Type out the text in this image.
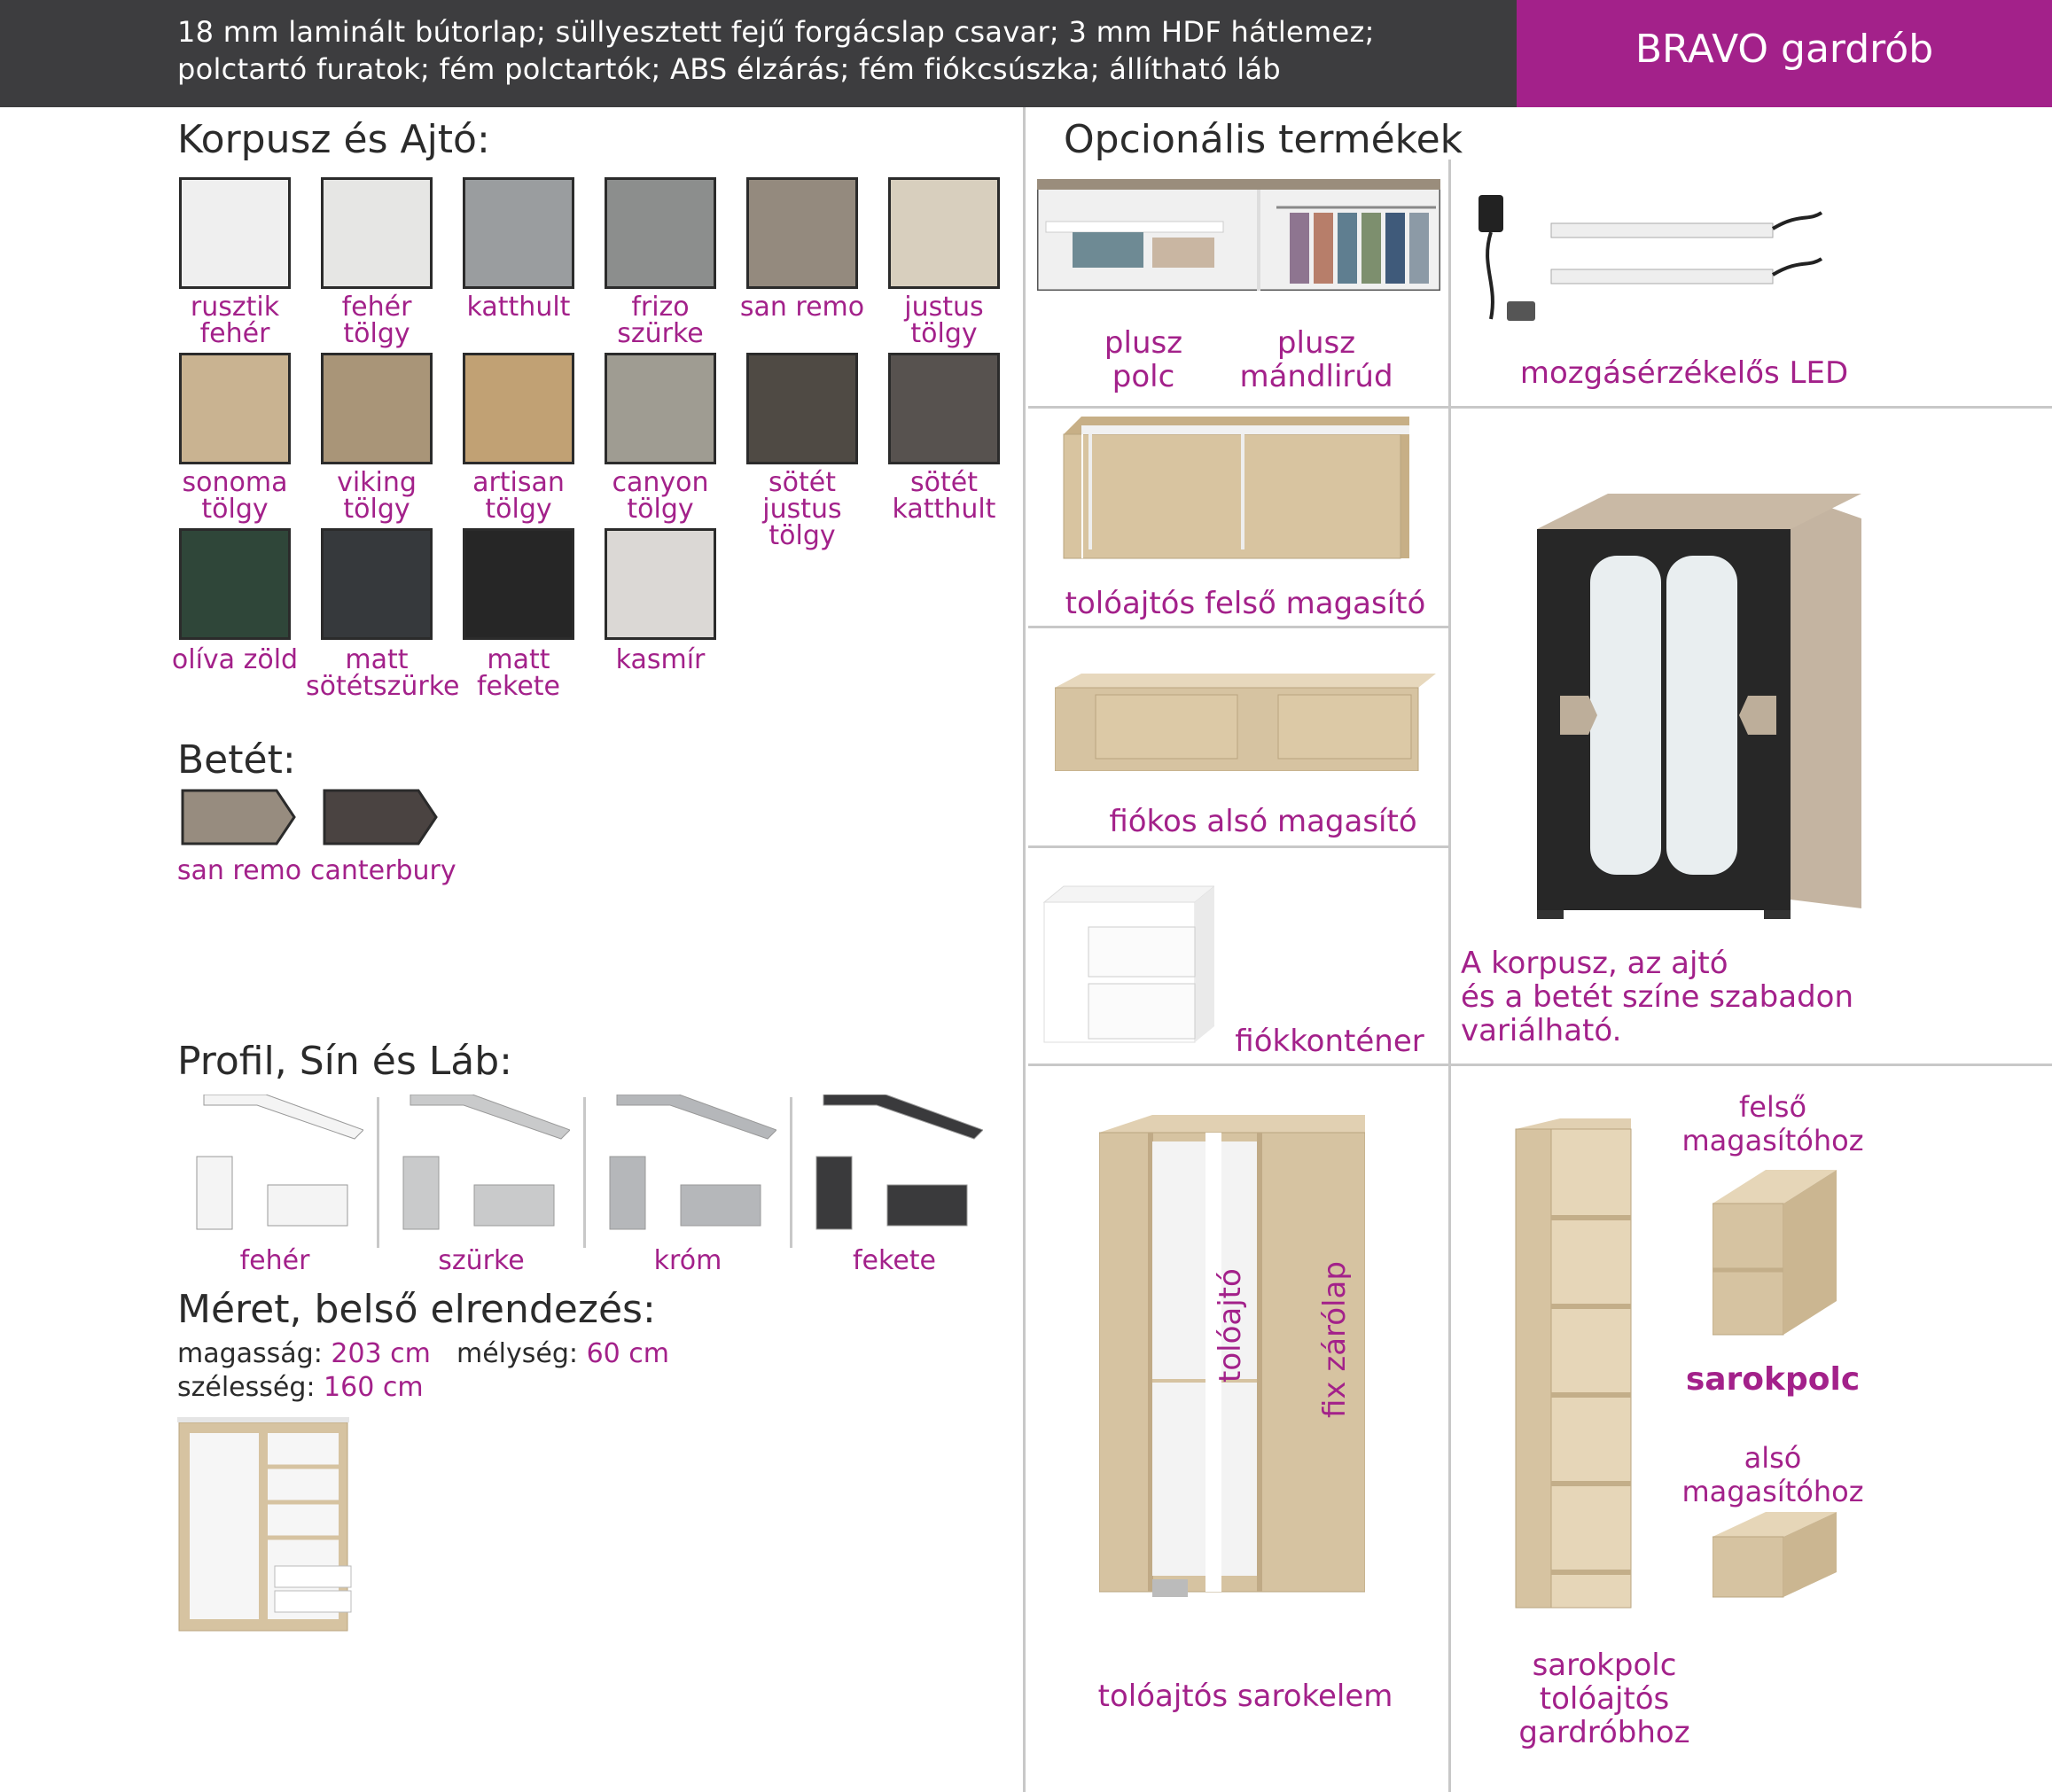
18 mm laminált bútorlap; süllyesztett fejű forgácslap csavar; 3 mm HDF hátlemez;
polctartó furatok; fém polctartók; ABS élzárás; fém fiókcsúszka; állítható láb	BRAVO gardrób
Korpusz és Ajtó:
rusztik
fehér
fehér
tölgy
katthult	frizo
szürke
san remo	justus
tölgy
sonoma
tölgy
viking
tölgy
artisan
tölgy
canyon
tölgy
sötét
justus tölgy
sötét
katthult
olíva zöld	matt
sötétszürke
matt
fekete
kasmír
Betét:
san remo canterbury
Profil, Sín és Láb:
fehér	szürke	króm	fekete
Méret, belső elrendezés:
magasság: 203 cm mélység: 60 cm
szélesség: 160 cm
Opcionális termékek
plusz
polc
plusz
mándlirúd	mozgásérzékelős LED
tolóajtós felső magasító
fiókos alsó magasító
fiókkonténer
A korpusz, az ajtó
és a betét színe szabadon
variálható.
tolóajtó fix zárólap
tolóajtós sarokelem
felső
magasítóhoz
sarokpolc
alsó
magasítóhoz
sarokpolc
tolóajtós gardróbhoz
